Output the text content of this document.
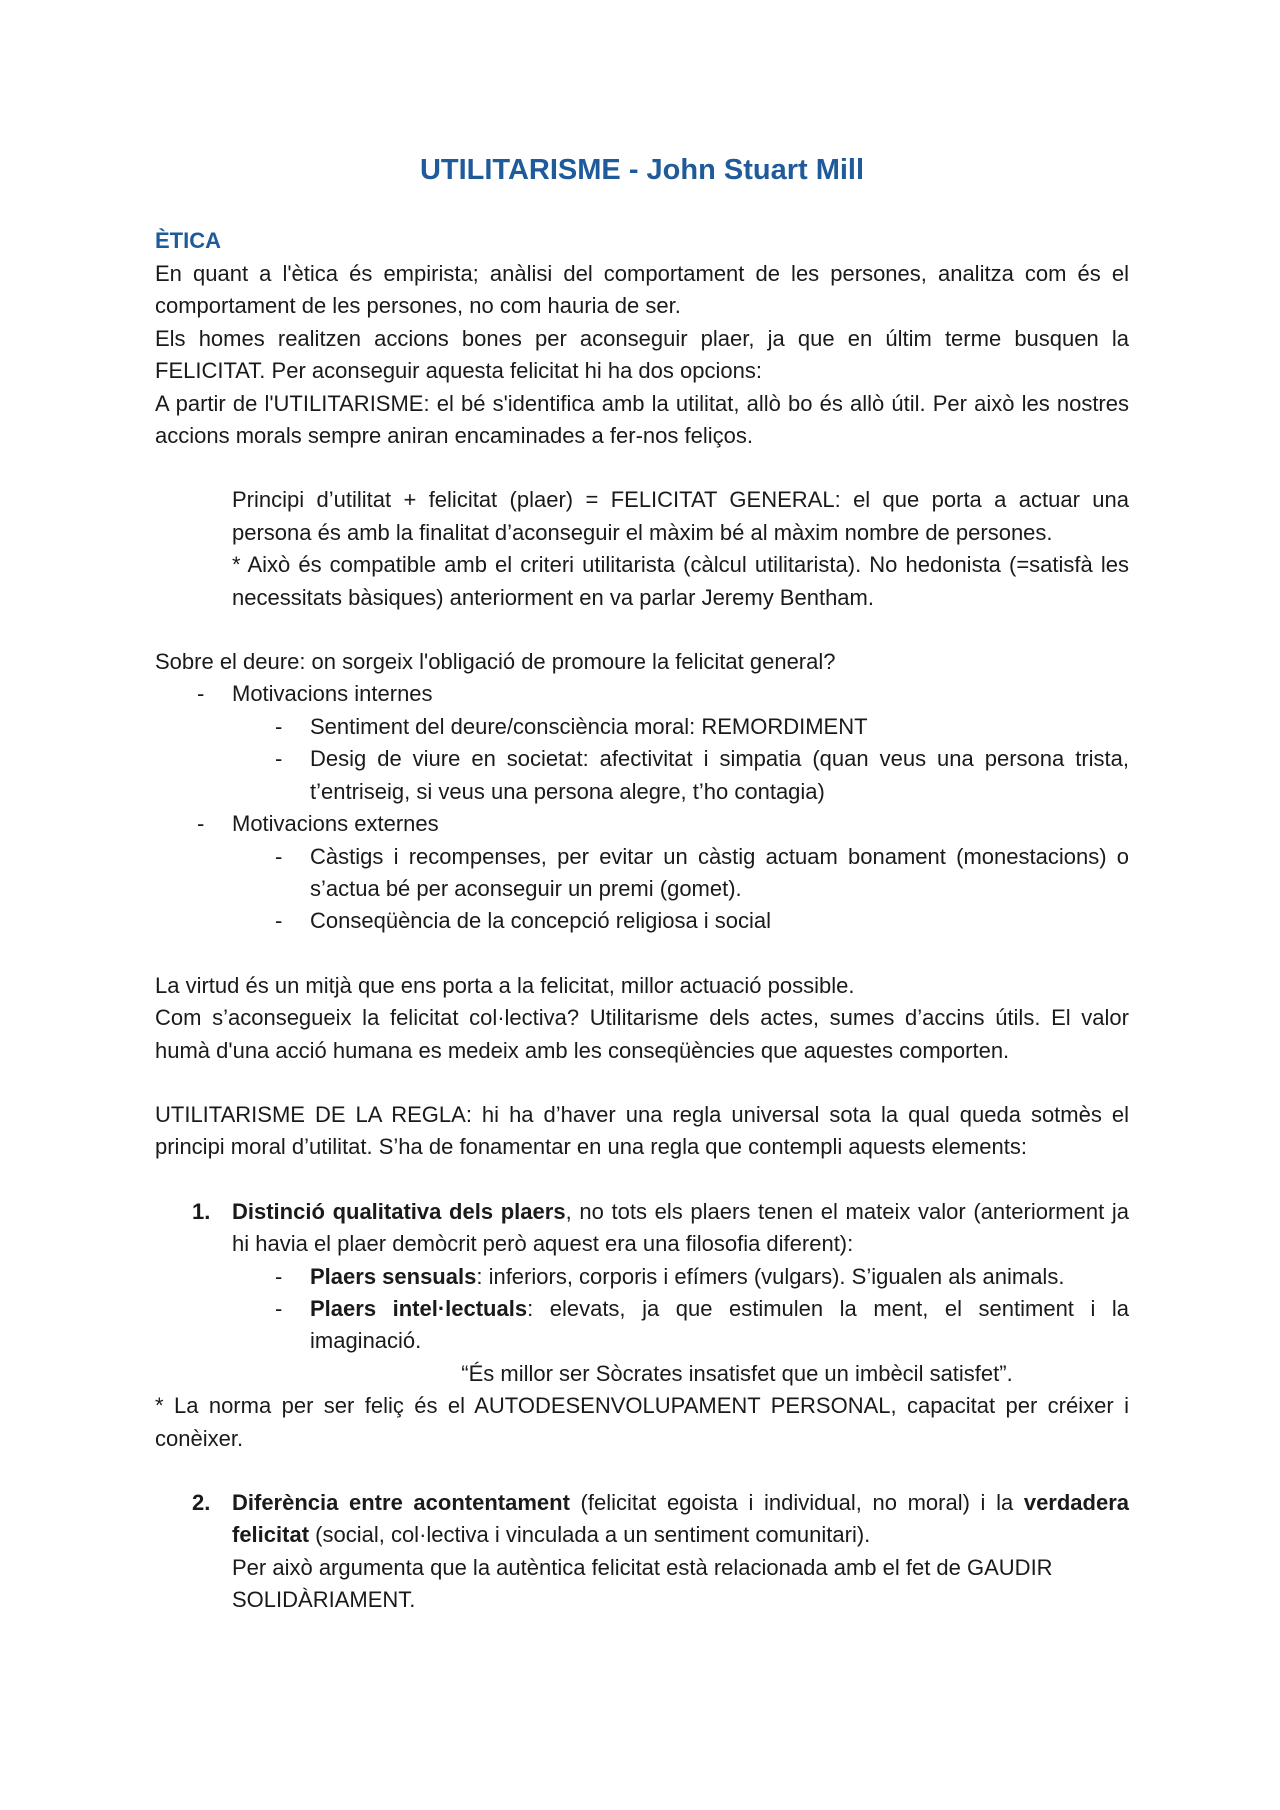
UTILITARISME - John Stuart Mill
ÈTICA

En quant a l'ètica és empirista; anàlisi del comportament de les persones, analitza com és el comportament de les persones, no com hauria de ser.

Els homes realitzen accions bones per aconseguir plaer, ja que en últim terme busquen la FELICITAT. Per aconseguir aquesta felicitat hi ha dos opcions:

A partir de l'UTILITARISME: el bé s'identifica amb la utilitat, allò bo és allò útil. Per això les nostres accions morals sempre aniran encaminades a fer-nos feliços.

Principi d’utilitat + felicitat (plaer) = FELICITAT GENERAL: el que porta a actuar una persona és amb la finalitat d’aconseguir el màxim bé al màxim nombre de persones.

* Això és compatible amb el criteri utilitarista (càlcul utilitarista). No hedonista (=satisfà les necessitats bàsiques) anteriorment en va parlar Jeremy Bentham.

Sobre el deure: on sorgeix l'obligació de promoure la felicitat general?

- Motivacions internes
- Sentiment del deure/consciència moral: REMORDIMENT
- Desig de viure en societat: afectivitat i simpatia (quan veus una persona trista, t’entriseig, si veus una persona alegre, t’ho contagia)
- Motivacions externes
- Càstigs i recompenses, per evitar un càstig actuam bonament (monestacions) o s’actua bé per aconseguir un premi (gomet).
- Conseqüència de la concepció religiosa i social

La virtud és un mitjà que ens porta a la felicitat, millor actuació possible.

Com s’aconsegueix la felicitat col·lectiva? Utilitarisme dels actes, sumes d’accins útils. El valor humà d'una acció humana es medeix amb les conseqüències que aquestes comporten.

UTILITARISME DE LA REGLA: hi ha d’haver una regla universal sota la qual queda sotmès el principi moral d’utilitat. S’ha de fonamentar en una regla que contempli aquests elements:

1. Distinció qualitativa dels plaers, no tots els plaers tenen el mateix valor (anteriorment ja hi havia el plaer demòcrit però aquest era una filosofia diferent):
- Plaers sensuals: inferiors, corporis i efímers (vulgars). S’igualen als animals.
- Plaers intel·lectuals: elevats, ja que estimulen la ment, el sentiment i la imaginació.

“És millor ser Sòcrates insatisfet que un imbècil satisfet”.

* La norma per ser feliç és el AUTODESENVOLUPAMENT PERSONAL, capacitat per créixer i conèixer.

2. Diferència entre acontentament (felicitat egoista i individual, no moral) i la verdadera felicitat (social, col·lectiva i vinculada a un sentiment comunitari).

Per això argumenta que la autèntica felicitat està relacionada amb el fet de GAUDIR SOLIDÀRIAMENT.
